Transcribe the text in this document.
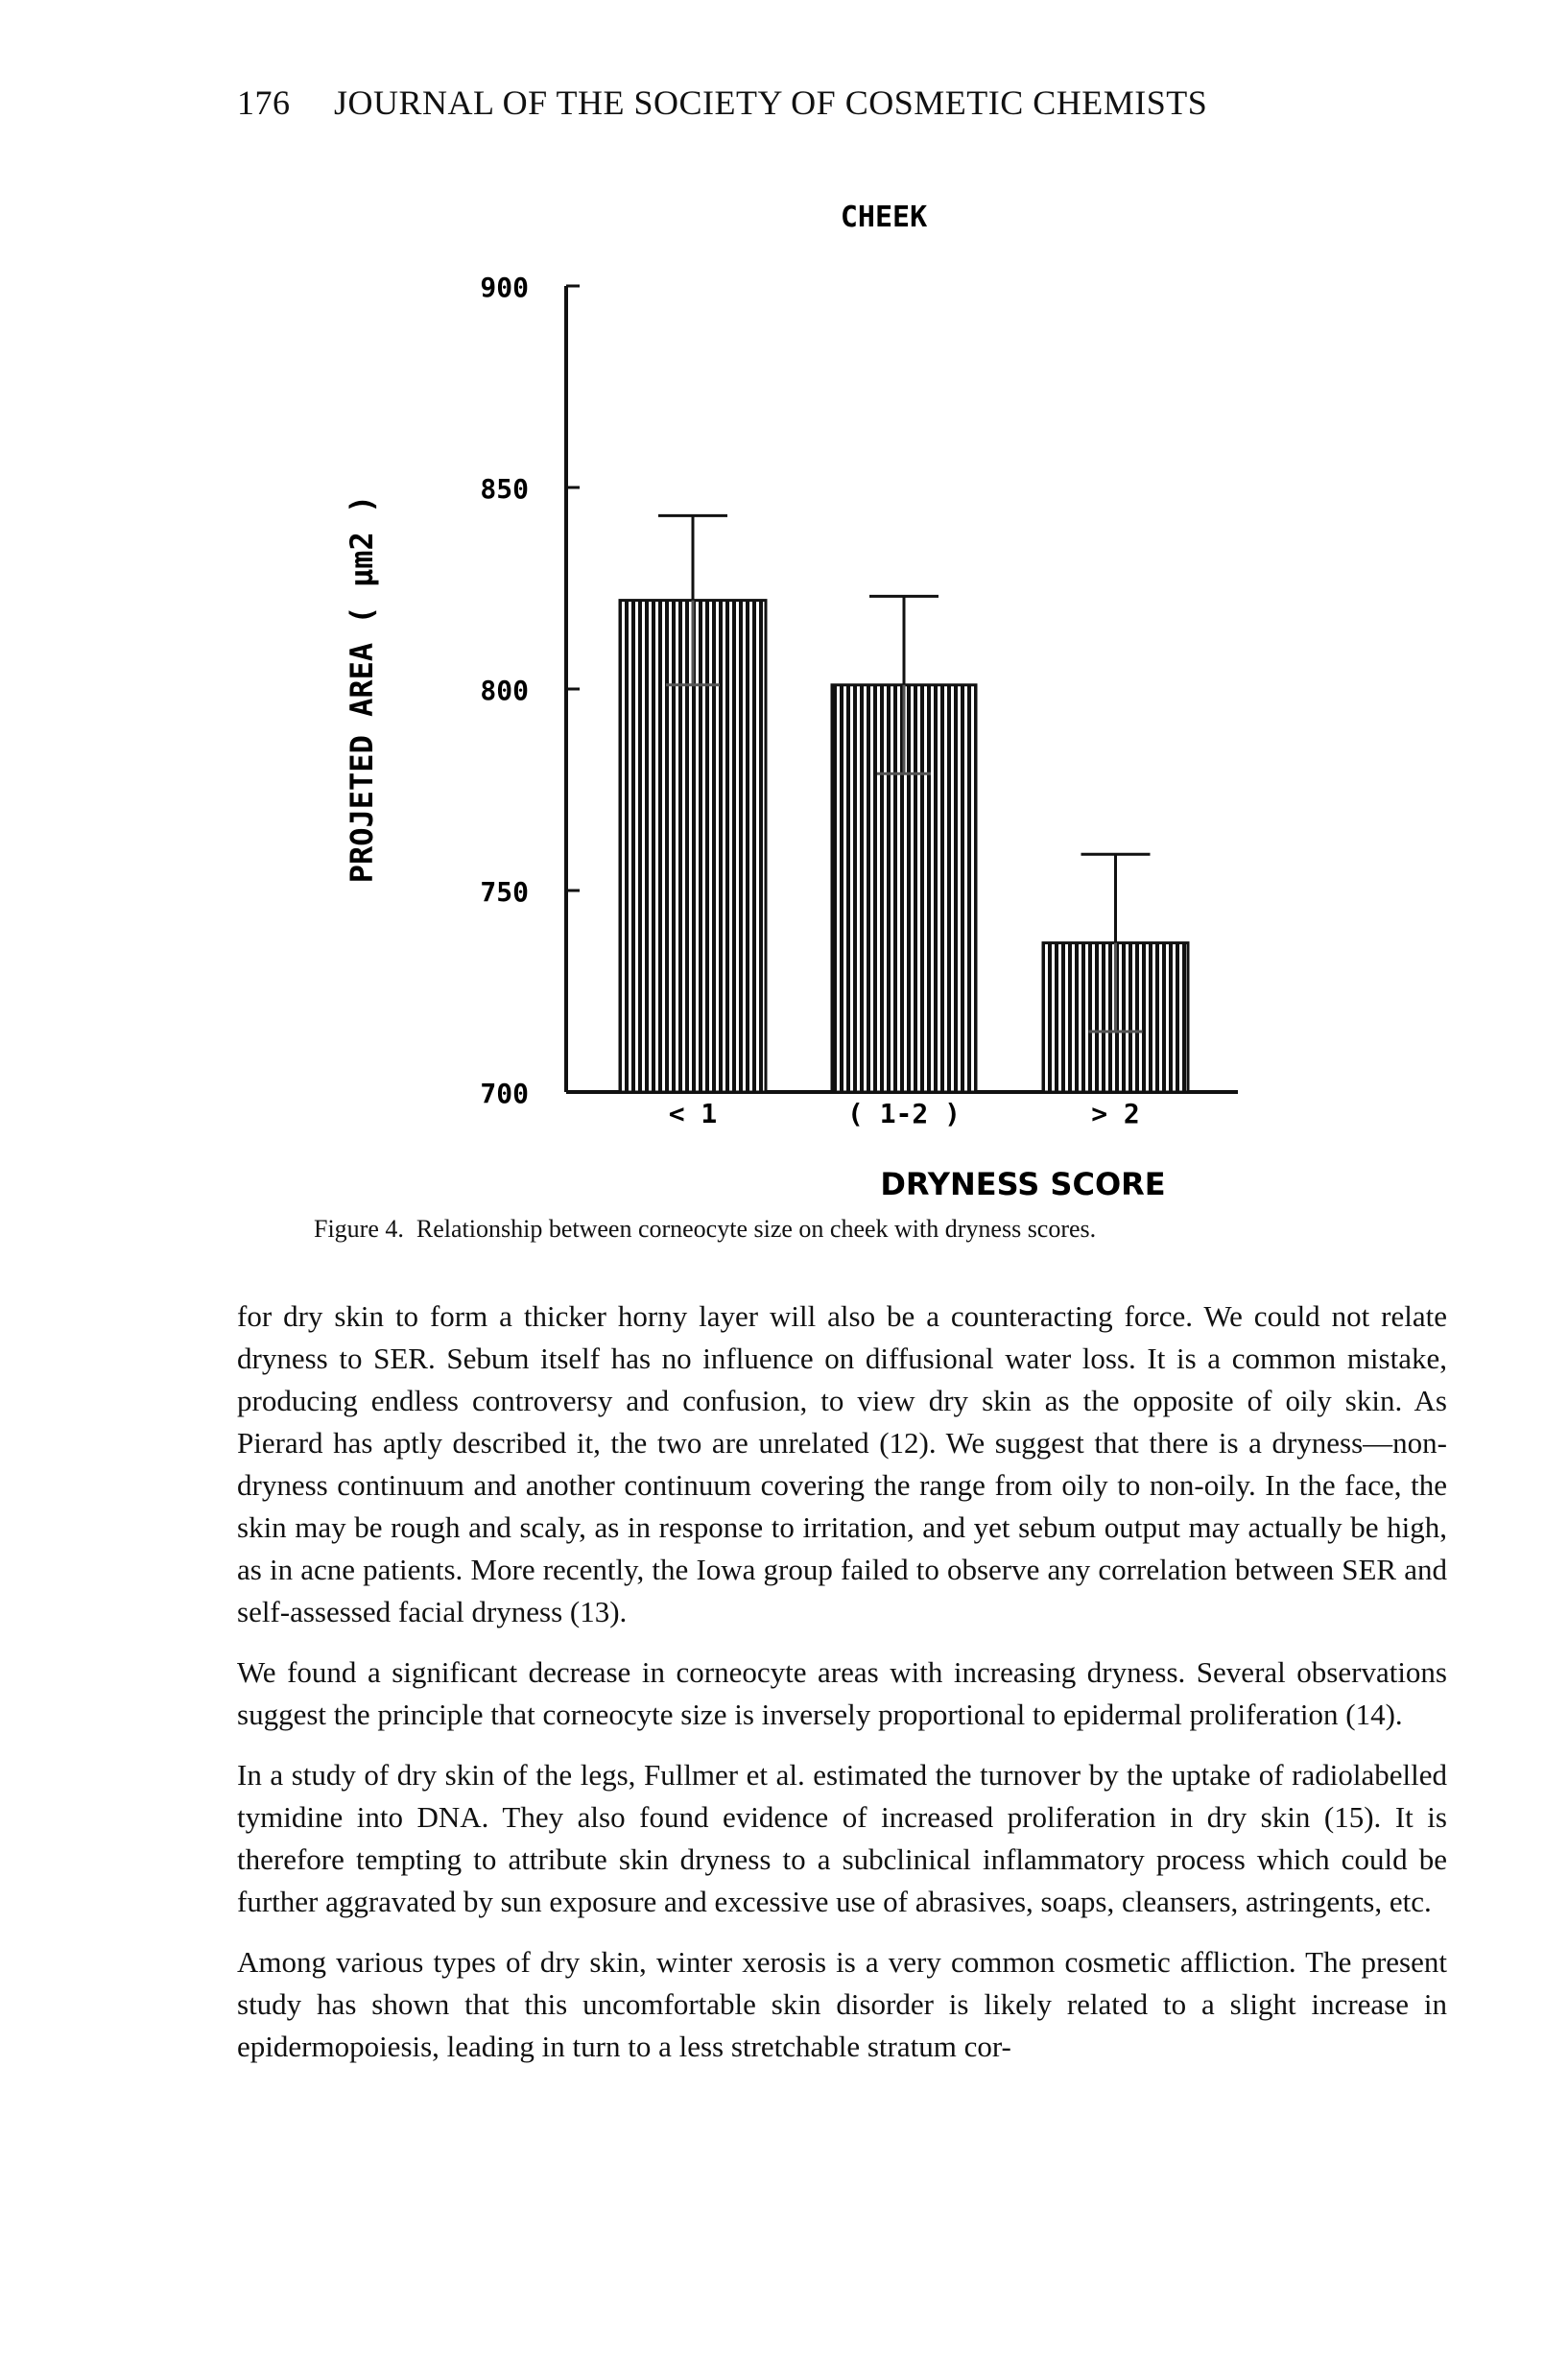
176 JOURNAL OF THE SOCIETY OF COSMETIC CHEMISTS
CHEEK
PROJETED AREA ( µm2 )
DRYNESS SCORE
700
750
800
850
900
< 1	( 1-2 )	> 2
Figure 4. Relationship between corneocyte size on cheek with dryness scores.

for dry skin to form a thicker horny layer will also be a counteracting force. We could not relate dryness to SER. Sebum itself has no influence on diffusional water loss. It is a common mistake, producing endless controversy and confusion, to view dry skin as the opposite of oily skin. As Pierard has aptly described it, the two are unrelated (12). We suggest that there is a dryness—non-dryness continuum and another continuum covering the range from oily to non-oily. In the face, the skin may be rough and scaly, as in response to irritation, and yet sebum output may actually be high, as in acne patients. More recently, the Iowa group failed to observe any correlation between SER and self-assessed facial dryness (13).

We found a significant decrease in corneocyte areas with increasing dryness. Several observations suggest the principle that corneocyte size is inversely proportional to epidermal proliferation (14).

In a study of dry skin of the legs, Fullmer et al. estimated the turnover by the uptake of radiolabelled tymidine into DNA. They also found evidence of increased proliferation in dry skin (15). It is therefore tempting to attribute skin dryness to a subclinical inflammatory process which could be further aggravated by sun exposure and excessive use of abrasives, soaps, cleansers, astringents, etc.

Among various types of dry skin, winter xerosis is a very common cosmetic affliction. The present study has shown that this uncomfortable skin disorder is likely related to a slight increase in epidermopoiesis, leading in turn to a less stretchable stratum cor-
